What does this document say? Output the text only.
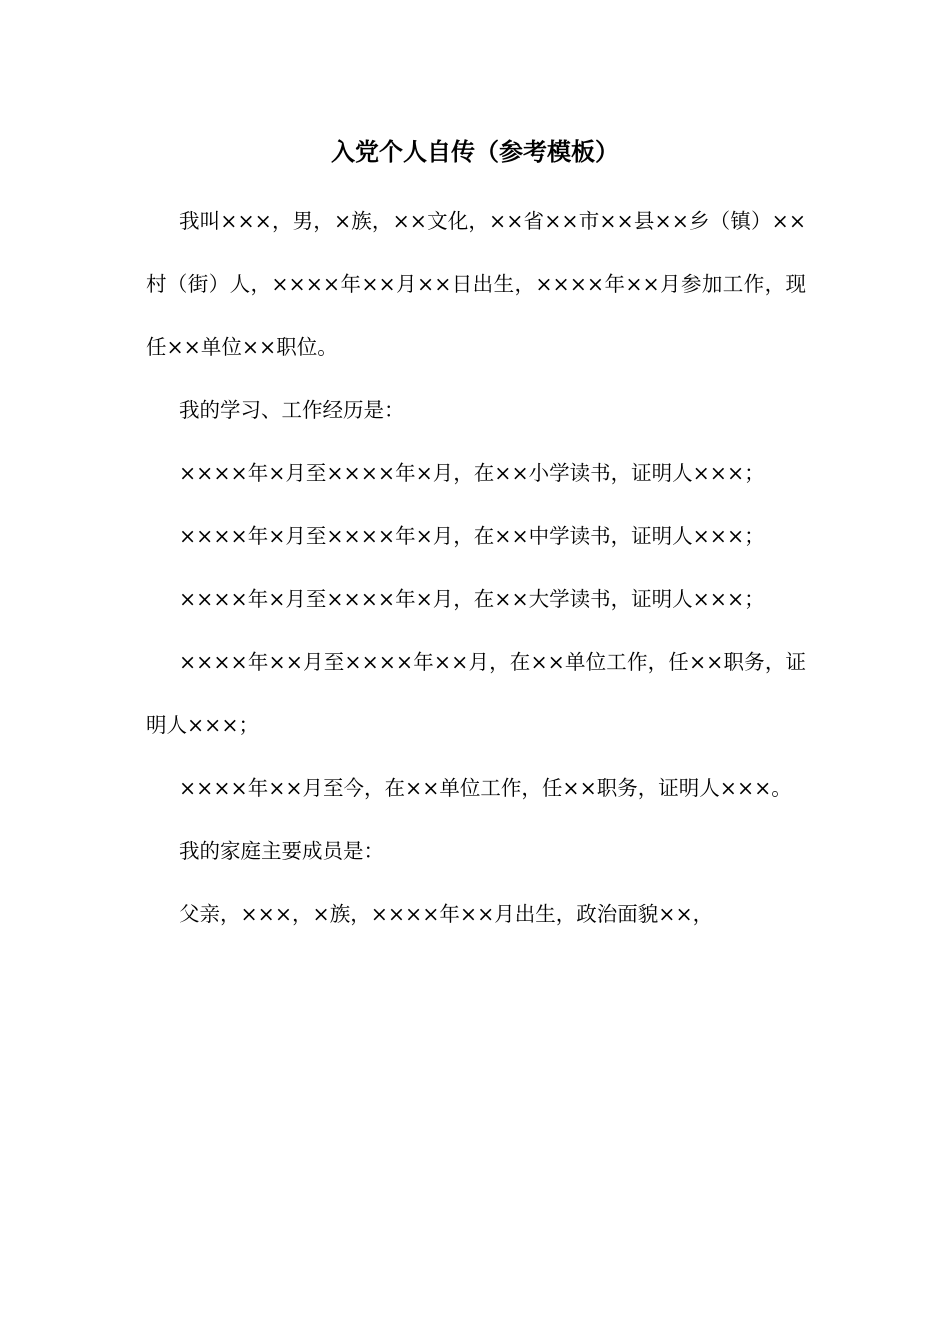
入党个人自传（参考模板）

我叫×××，男，×族，××文化，××省××市××县××乡（镇）××村（街）人，××××年××月××日出生，××××年××月参加工作，现任××单位××职位。

我的学习、工作经历是：

××××年×月至××××年×月，在××小学读书，证明人×××；

××××年×月至××××年×月，在××中学读书，证明人×××；

××××年×月至××××年×月，在××大学读书，证明人×××；

××××年××月至××××年××月，在××单位工作，任××职务，证明人×××；

××××年××月至今，在××单位工作，任××职务，证明人×××。

我的家庭主要成员是：

父亲，×××，×族，××××年××月出生，政治面貌××，
